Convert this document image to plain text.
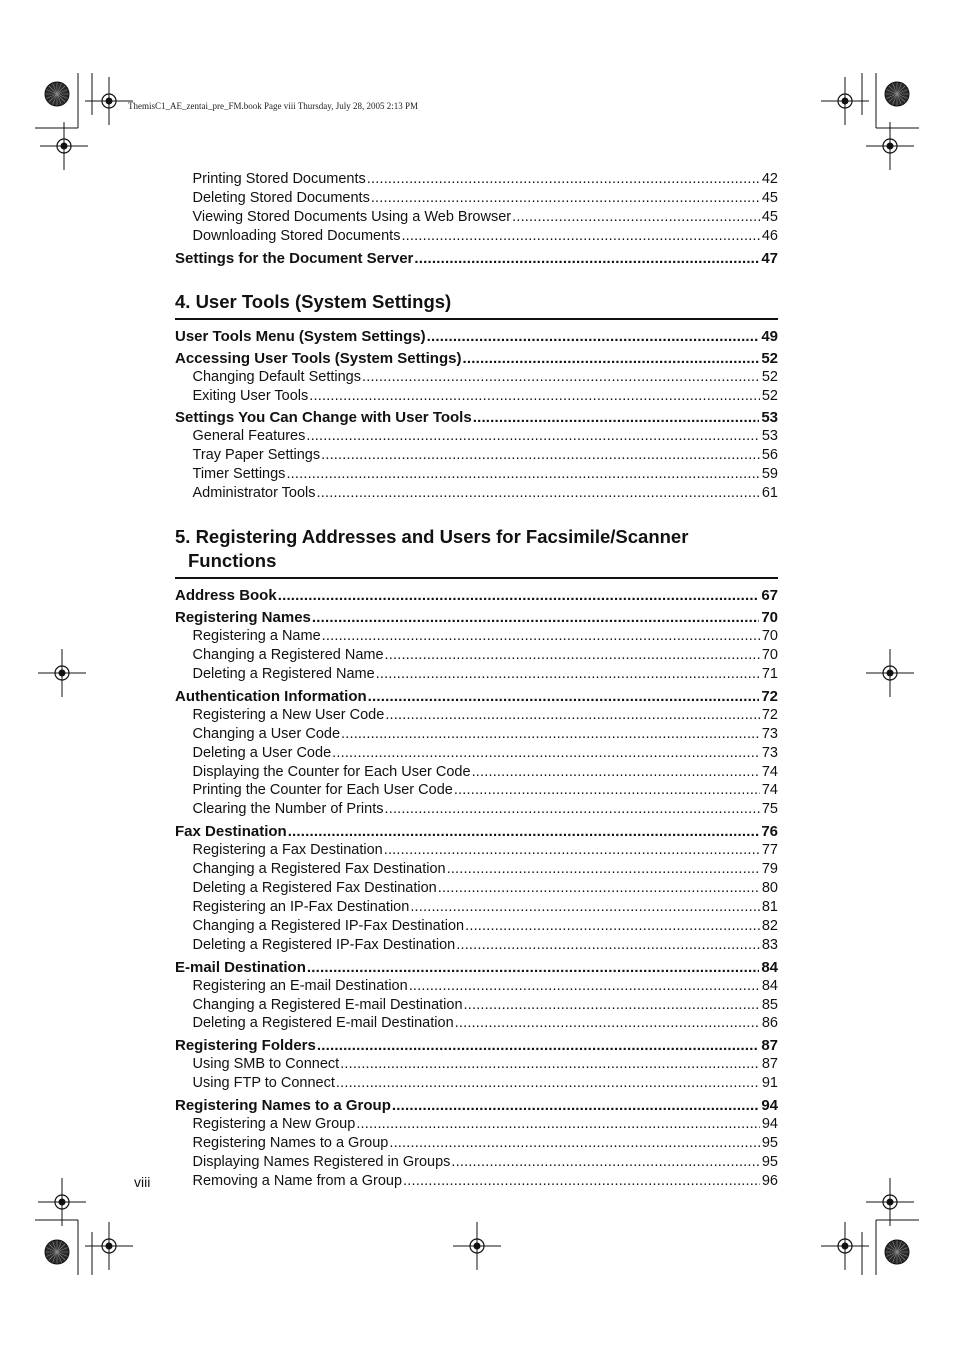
ThemisC1_AE_zentai_pre_FM.book Page viii Thursday, July 28, 2005 2:13 PM
Printing Stored Documents .....	42
Deleting Stored Documents .....	45
Viewing Stored Documents Using a Web Browser .....	45
Downloading Stored Documents .....	46
Settings for the Document Server .....	47
4. User Tools (System Settings)
User Tools Menu (System Settings) .....	49
Accessing User Tools (System Settings) .....	52
Changing Default Settings .....	52
Exiting User Tools .....	52
Settings You Can Change with User Tools .....	53
General Features .....	53
Tray Paper Settings .....	56
Timer Settings .....	59
Administrator Tools .....	61
5. Registering Addresses and Users for Facsimile/Scanner
Functions
Address Book .....	67
Registering Names .....	70
Registering a Name .....	70
Changing a Registered Name .....	70
Deleting a Registered Name .....	71
Authentication Information .....	72
Registering a New User Code .....	72
Changing a User Code .....	73
Deleting a User Code .....	73
Displaying the Counter for Each User Code .....	74
Printing the Counter for Each User Code .....	74
Clearing the Number of Prints .....	75
Fax Destination .....	76
Registering a Fax Destination .....	77
Changing a Registered Fax Destination .....	79
Deleting a Registered Fax Destination .....	80
Registering an IP-Fax Destination .....	81
Changing a Registered IP-Fax Destination .....	82
Deleting a Registered IP-Fax Destination .....	83
E-mail Destination .....	84
Registering an E-mail Destination .....	84
Changing a Registered E-mail Destination .....	85
Deleting a Registered E-mail Destination .....	86
Registering Folders .....	87
Using SMB to Connect .....	87
Using FTP to Connect .....	91
Registering Names to a Group .....	94
Registering a New Group .....	94
Registering Names to a Group .....	95
Displaying Names Registered in Groups .....	95
Removing a Name from a Group .....	96
viii
